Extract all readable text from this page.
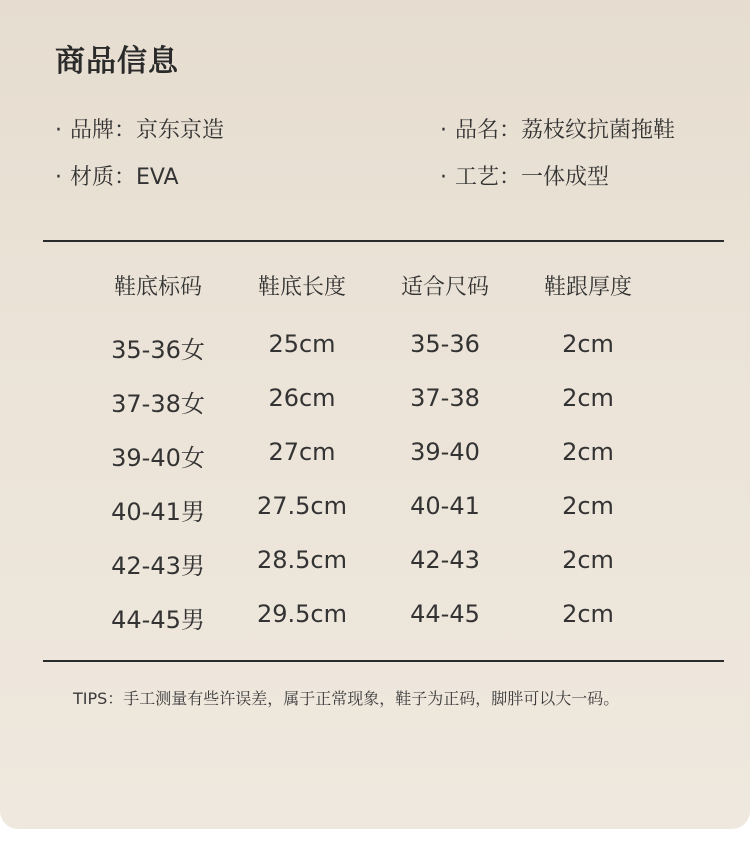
商品信息
· 品牌：京东京造	· 品名：荔枝纹抗菌拖鞋
· 材质：EVA	· 工艺：一体成型
鞋底标码	鞋底长度	适合尺码	鞋跟厚度
35-36女	25cm	35-36	2cm
37-38女	26cm	37-38	2cm
39-40女	27cm	39-40	2cm
40-41男	27.5cm	40-41	2cm
42-43男	28.5cm	42-43	2cm
44-45男	29.5cm	44-45	2cm
TIPS：手工测量有些许误差，属于正常现象，鞋子为正码，脚胖可以大一码。
